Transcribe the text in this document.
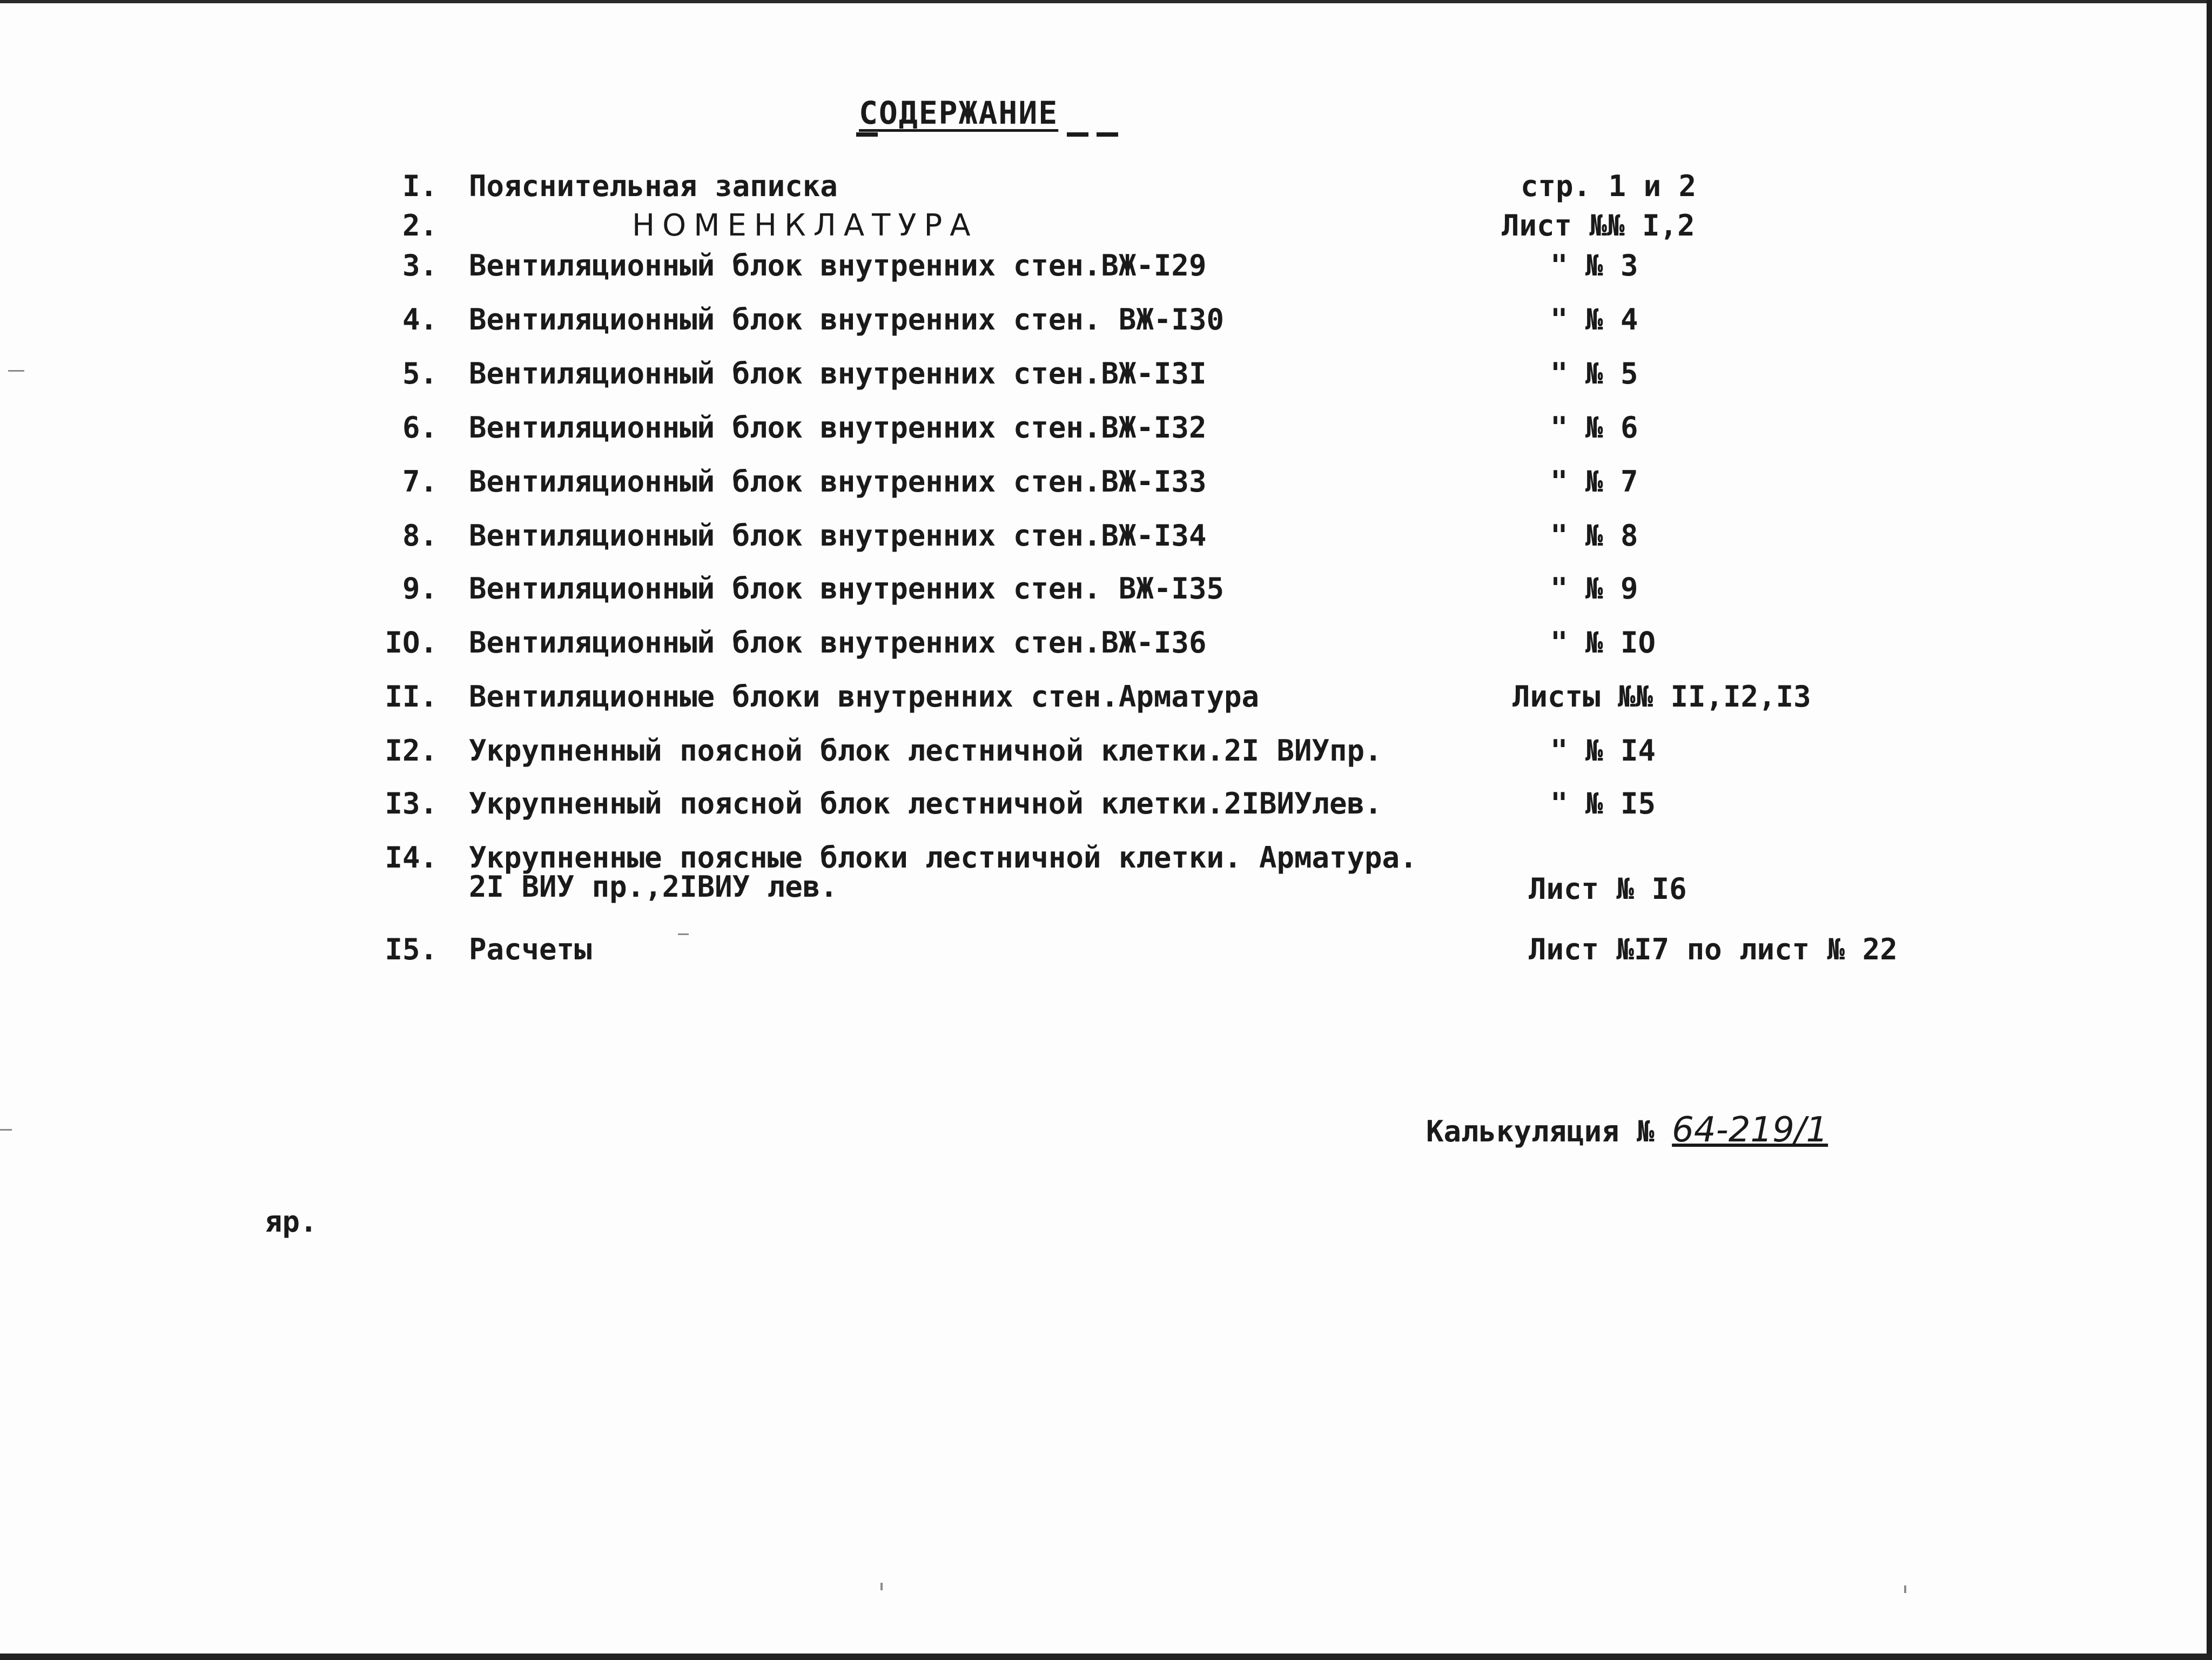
СОДЕРЖАНИЕ
I. Пояснительная записка	стр. 1 и 2
2.	НОМЕНКЛАТУРА	Лист №№ I,2
3. Вентиляционный блок внутренних стен.ВЖ-I29	" № 3
4. Вентиляционный блок внутренних стен. ВЖ-I30	" № 4
5. Вентиляционный блок внутренних стен.ВЖ-I3I	" № 5
6. Вентиляционный блок внутренних стен.ВЖ-I32	" № 6
7. Вентиляционный блок внутренних стен.ВЖ-I33	" № 7
8. Вентиляционный блок внутренних стен.ВЖ-I34	" № 8
9. Вентиляционный блок внутренних стен. ВЖ-I35	" № 9
IO. Вентиляционный блок внутренних стен.ВЖ-I36	" № IO
II. Вентиляционные блоки внутренних стен.Арматура	Листы №№ II,I2,I3
I2. Укрупненный поясной блок лестничной клетки.2I ВИУпр.	" № I4
I3. Укрупненный поясной блок лестничной клетки.2IВИУлев.	" № I5
I4. Укрупненные поясные блоки лестничной клетки. Арматура.
2I ВИУ пр.,2IВИУ лев.	Лист № I6
I5. Расчеты	Лист №I7 по лист № 22
Калькуляция № 64-219/1
яр.
